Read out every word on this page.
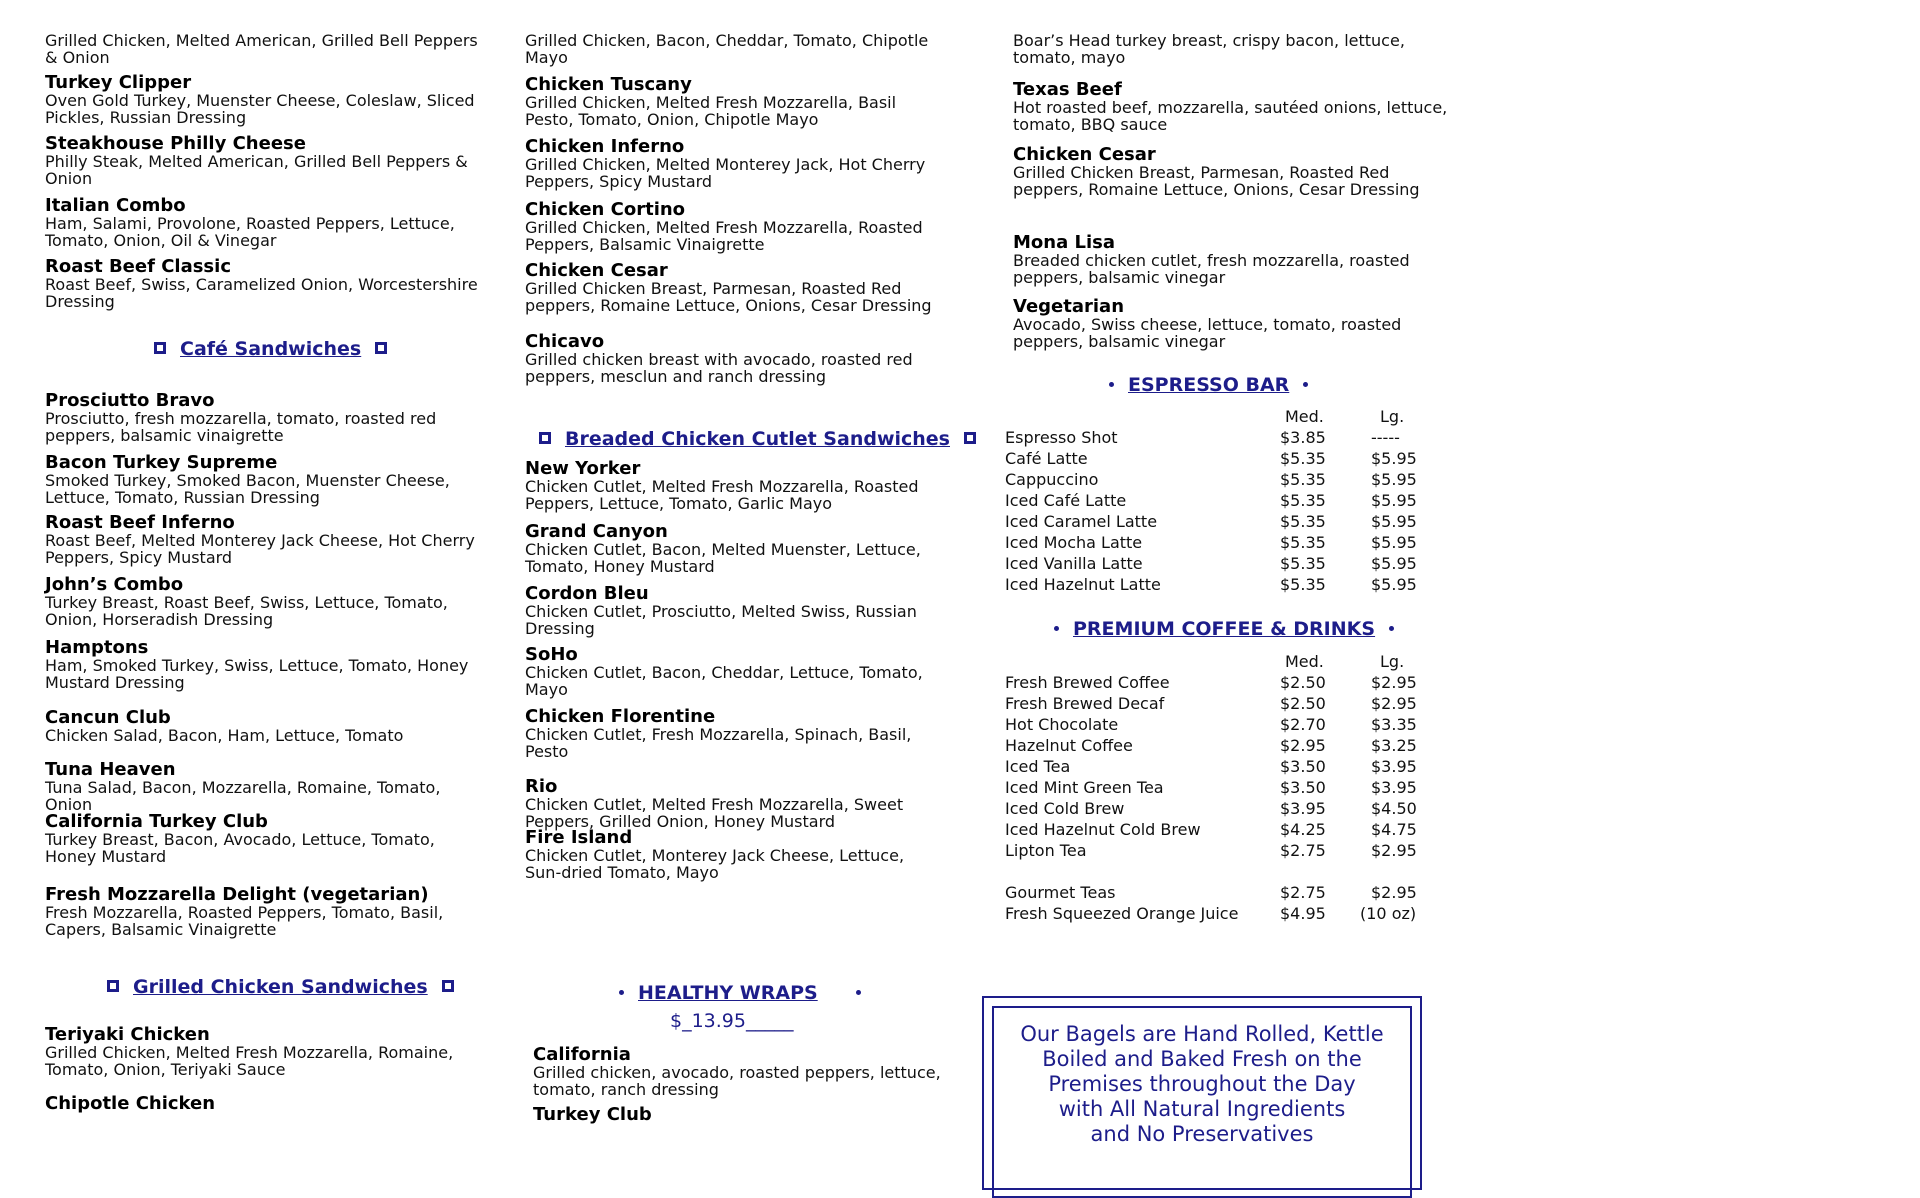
Grilled Chicken, Melted American, Grilled Bell Peppers & Onion
Turkey Clipper
Oven Gold Turkey, Muenster Cheese, Coleslaw, Sliced Pickles, Russian Dressing
Steakhouse Philly Cheese
Philly Steak, Melted American, Grilled Bell Peppers & Onion
Italian Combo
Ham, Salami, Provolone, Roasted Peppers, Lettuce, Tomato, Onion, Oil & Vinegar
Roast Beef Classic
Roast Beef, Swiss, Caramelized Onion, Worcestershire Dressing
Café Sandwiches
Prosciutto Bravo
Prosciutto, fresh mozzarella, tomato, roasted red peppers, balsamic vinaigrette
Bacon Turkey Supreme
Smoked Turkey, Smoked Bacon, Muenster Cheese, Lettuce, Tomato, Russian Dressing
Roast Beef Inferno
Roast Beef, Melted Monterey Jack Cheese, Hot Cherry Peppers, Spicy Mustard
John’s Combo
Turkey Breast, Roast Beef, Swiss, Lettuce, Tomato, Onion, Horseradish Dressing
Hamptons
Ham, Smoked Turkey, Swiss, Lettuce, Tomato, Honey Mustard Dressing
Cancun Club
Chicken Salad, Bacon, Ham, Lettuce, Tomato
Tuna Heaven
Tuna Salad, Bacon, Mozzarella, Romaine, Tomato, Onion
California Turkey Club
Turkey Breast, Bacon, Avocado, Lettuce, Tomato, Honey Mustard
Fresh Mozzarella Delight (vegetarian)
Fresh Mozzarella, Roasted Peppers, Tomato, Basil, Capers, Balsamic Vinaigrette
Grilled Chicken Sandwiches
Teriyaki Chicken
Grilled Chicken, Melted Fresh Mozzarella, Romaine, Tomato, Onion, Teriyaki Sauce
Chipotle Chicken
Grilled Chicken, Bacon, Cheddar, Tomato, Chipotle Mayo
Chicken Tuscany
Grilled Chicken, Melted Fresh Mozzarella, Basil Pesto, Tomato, Onion, Chipotle Mayo
Chicken Inferno
Grilled Chicken, Melted Monterey Jack, Hot Cherry Peppers, Spicy Mustard
Chicken Cortino
Grilled Chicken, Melted Fresh Mozzarella, Roasted Peppers, Balsamic Vinaigrette
Chicken Cesar
Grilled Chicken Breast, Parmesan, Roasted Red peppers, Romaine Lettuce, Onions, Cesar Dressing
Chicavo
Grilled chicken breast with avocado, roasted red peppers, mesclun and ranch dressing
Breaded Chicken Cutlet Sandwiches
New Yorker
Chicken Cutlet, Melted Fresh Mozzarella, Roasted Peppers, Lettuce, Tomato, Garlic Mayo
Grand Canyon
Chicken Cutlet, Bacon, Melted Muenster, Lettuce, Tomato, Honey Mustard
Cordon Bleu
Chicken Cutlet, Prosciutto, Melted Swiss, Russian Dressing
SoHo
Chicken Cutlet, Bacon, Cheddar, Lettuce, Tomato, Mayo
Chicken Florentine
Chicken Cutlet, Fresh Mozzarella, Spinach, Basil, Pesto
Rio
Chicken Cutlet, Melted Fresh Mozzarella, Sweet Peppers, Grilled Onion, Honey Mustard
Fire Island
Chicken Cutlet, Monterey Jack Cheese, Lettuce, Sun-dried Tomato, Mayo
HEALTHY WRAPS
$_13.95_____
California
Grilled chicken, avocado, roasted peppers, lettuce, tomato, ranch dressing
Turkey Club
Boar’s Head turkey breast, crispy bacon, lettuce, tomato, mayo
Texas Beef
Hot roasted beef, mozzarella, sautéed onions, lettuce, tomato, BBQ sauce
Chicken Cesar
Grilled Chicken Breast, Parmesan, Roasted Red peppers, Romaine Lettuce, Onions, Cesar Dressing
Mona Lisa
Breaded chicken cutlet, fresh mozzarella, roasted peppers, balsamic vinegar
Vegetarian
Avocado, Swiss cheese, lettuce, tomato, roasted peppers, balsamic vinegar
ESPRESSO BAR
Med.	Lg.
Espresso Shot	$3.85	-----
Café Latte	$5.35	$5.95
Cappuccino	$5.35	$5.95
Iced Café Latte	$5.35	$5.95
Iced Caramel Latte	$5.35	$5.95
Iced Mocha Latte	$5.35	$5.95
Iced Vanilla Latte	$5.35	$5.95
Iced Hazelnut Latte	$5.35	$5.95
PREMIUM COFFEE & DRINKS
Med.	Lg.
Fresh Brewed Coffee	$2.50	$2.95
Fresh Brewed Decaf	$2.50	$2.95
Hot Chocolate	$2.70	$3.35
Hazelnut Coffee	$2.95	$3.25
Iced Tea	$3.50	$3.95
Iced Mint Green Tea	$3.50	$3.95
Iced Cold Brew	$3.95	$4.50
Iced Hazelnut Cold Brew	$4.25	$4.75
Lipton Tea	$2.75	$2.95
Gourmet Teas	$2.75	$2.95
Fresh Squeezed Orange Juice	$4.95 (10 oz)
Our Bagels are Hand Rolled, Kettle
Boiled and Baked Fresh on the
Premises throughout the Day
with All Natural Ingredients
and No Preservatives
